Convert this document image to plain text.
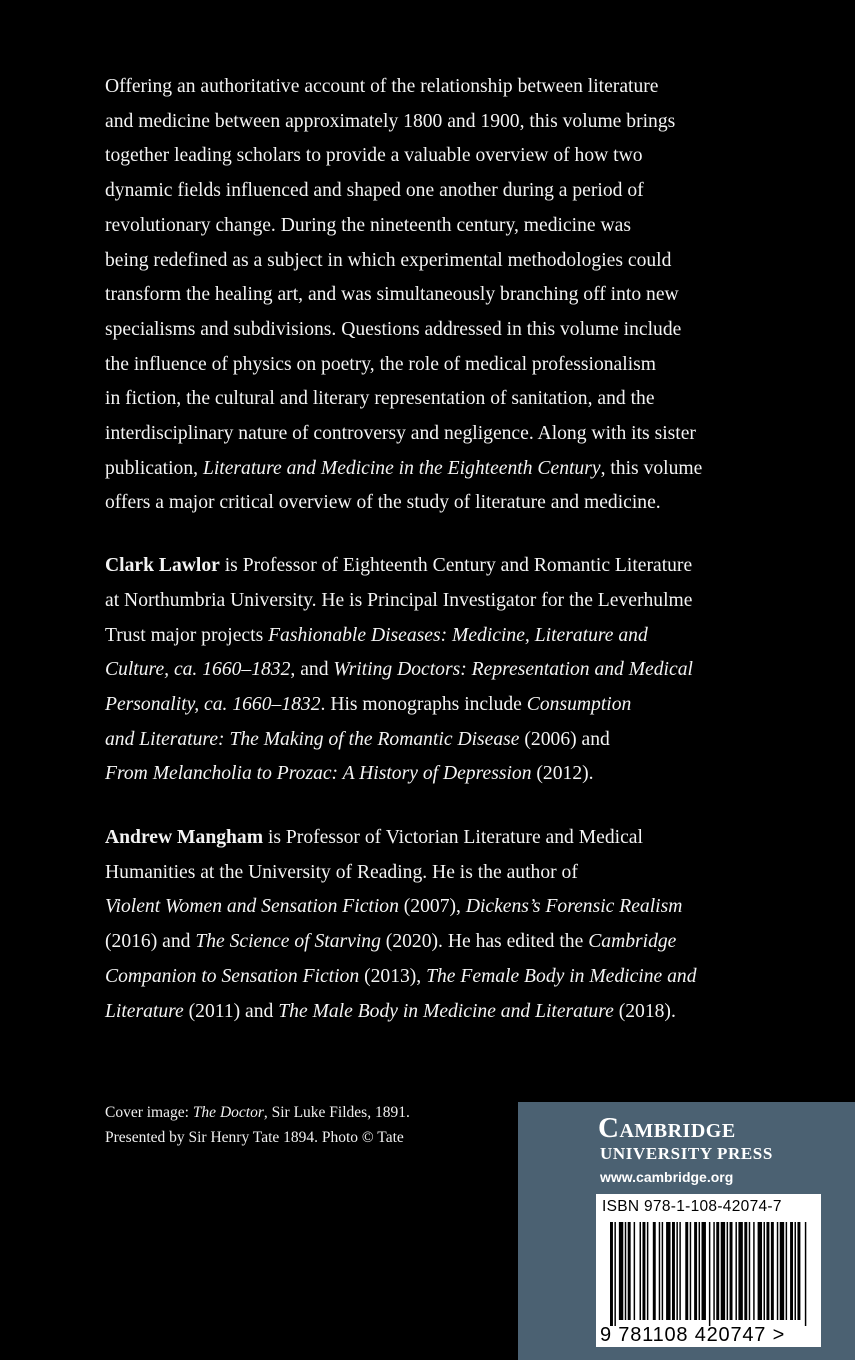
Offering an authoritative account of the relationship between literature
and medicine between approximately 1800 and 1900, this volume brings
together leading scholars to provide a valuable overview of how two
dynamic fields influenced and shaped one another during a period of
revolutionary change. During the nineteenth century, medicine was
being redefined as a subject in which experimental methodologies could
transform the healing art, and was simultaneously branching off into new
specialisms and subdivisions. Questions addressed in this volume include
the influence of physics on poetry, the role of medical professionalism
in fiction, the cultural and literary representation of sanitation, and the
interdisciplinary nature of controversy and negligence. Along with its sister
publication, Literature and Medicine in the Eighteenth Century, this volume
offers a major critical overview of the study of literature and medicine.

Clark Lawlor is Professor of Eighteenth Century and Romantic Literature
at Northumbria University. He is Principal Investigator for the Leverhulme
Trust major projects Fashionable Diseases: Medicine, Literature and
Culture, ca. 1660–1832, and Writing Doctors: Representation and Medical
Personality, ca. 1660–1832. His monographs include Consumption
and Literature: The Making of the Romantic Disease (2006) and
From Melancholia to Prozac: A History of Depression (2012).

Andrew Mangham is Professor of Victorian Literature and Medical
Humanities at the University of Reading. He is the author of
Violent Women and Sensation Fiction (2007), Dickens’s Forensic Realism
(2016) and The Science of Starving (2020). He has edited the Cambridge
Companion to Sensation Fiction (2013), The Female Body in Medicine and
Literature (2011) and The Male Body in Medicine and Literature (2018).

Cover image: The Doctor, Sir Luke Fildes, 1891.
Presented by Sir Henry Tate 1894. Photo © Tate	Cambridge
UNIVERSITY PRESS
www.cambridge.org
ISBN 978-1-108-42074-7
9 781108 420747 >
